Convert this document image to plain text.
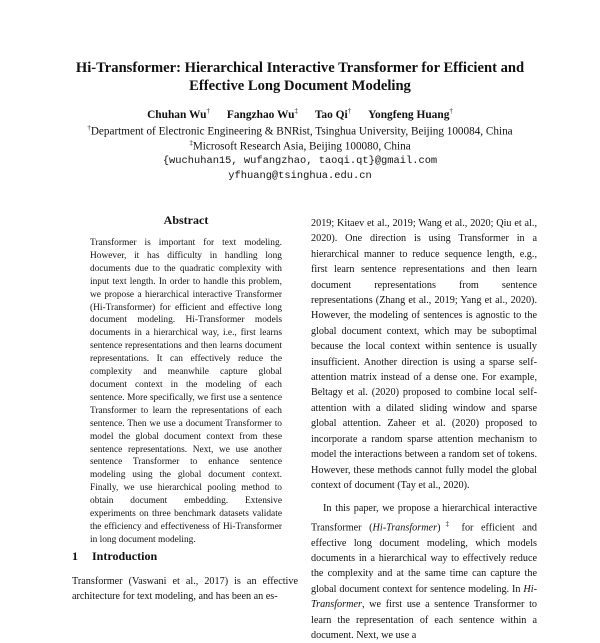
Hi-Transformer: Hierarchical Interactive Transformer for Efficient and Effective Long Document Modeling
Chuhan Wu† Fangzhao Wu‡ Tao Qi† Yongfeng Huang†
†Department of Electronic Engineering & BNRist, Tsinghua University, Beijing 100084, China
‡Microsoft Research Asia, Beijing 100080, China
{wuchuhan15, wufangzhao, taoqi.qt}@gmail.com
yfhuang@tsinghua.edu.cn
Abstract

Transformer is important for text modeling. However, it has difficulty in handling long documents due to the quadratic complexity with input text length. In order to handle this problem, we propose a hierarchical interactive Transformer (Hi-Transformer) for efficient and effective long document modeling. Hi-Transformer models documents in a hierarchical way, i.e., first learns sentence representations and then learns document representations. It can effectively reduce the complexity and meanwhile capture global document context in the modeling of each sentence. More specifically, we first use a sentence Transformer to learn the representations of each sentence. Then we use a document Transformer to model the global document context from these sentence representations. Next, we use another sentence Transformer to enhance sentence modeling using the global document context. Finally, we use hierarchical pooling method to obtain document embedding. Extensive experiments on three benchmark datasets validate the efficiency and effectiveness of Hi-Transformer in long document modeling.

1 Introduction

Transformer (Vaswani et al., 2017) is an effective architecture for text modeling, and has been an es-

2019; Kitaev et al., 2019; Wang et al., 2020; Qiu et al., 2020). One direction is using Transformer in a hierarchical manner to reduce sequence length, e.g., first learn sentence representations and then learn document representations from sentence representations (Zhang et al., 2019; Yang et al., 2020). However, the modeling of sentences is agnostic to the global document context, which may be suboptimal because the local context within sentence is usually insufficient. Another direction is using a sparse self-attention matrix instead of a dense one. For example, Beltagy et al. (2020) proposed to combine local self-attention with a dilated sliding window and sparse global attention. Zaheer et al. (2020) proposed to incorporate a random sparse attention mechanism to model the interactions between a random set of tokens. However, these methods cannot fully model the global context of document (Tay et al., 2020).

In this paper, we propose a hierarchical interactive Transformer (Hi-Transformer)‡ for efficient and effective long document modeling, which models documents in a hierarchical way to effectively reduce the complexity and at the same time can capture the global document context for sentence modeling. In Hi-Transformer, we first use a sentence Transformer to learn the representation of each sentence within a document. Next, we use a
